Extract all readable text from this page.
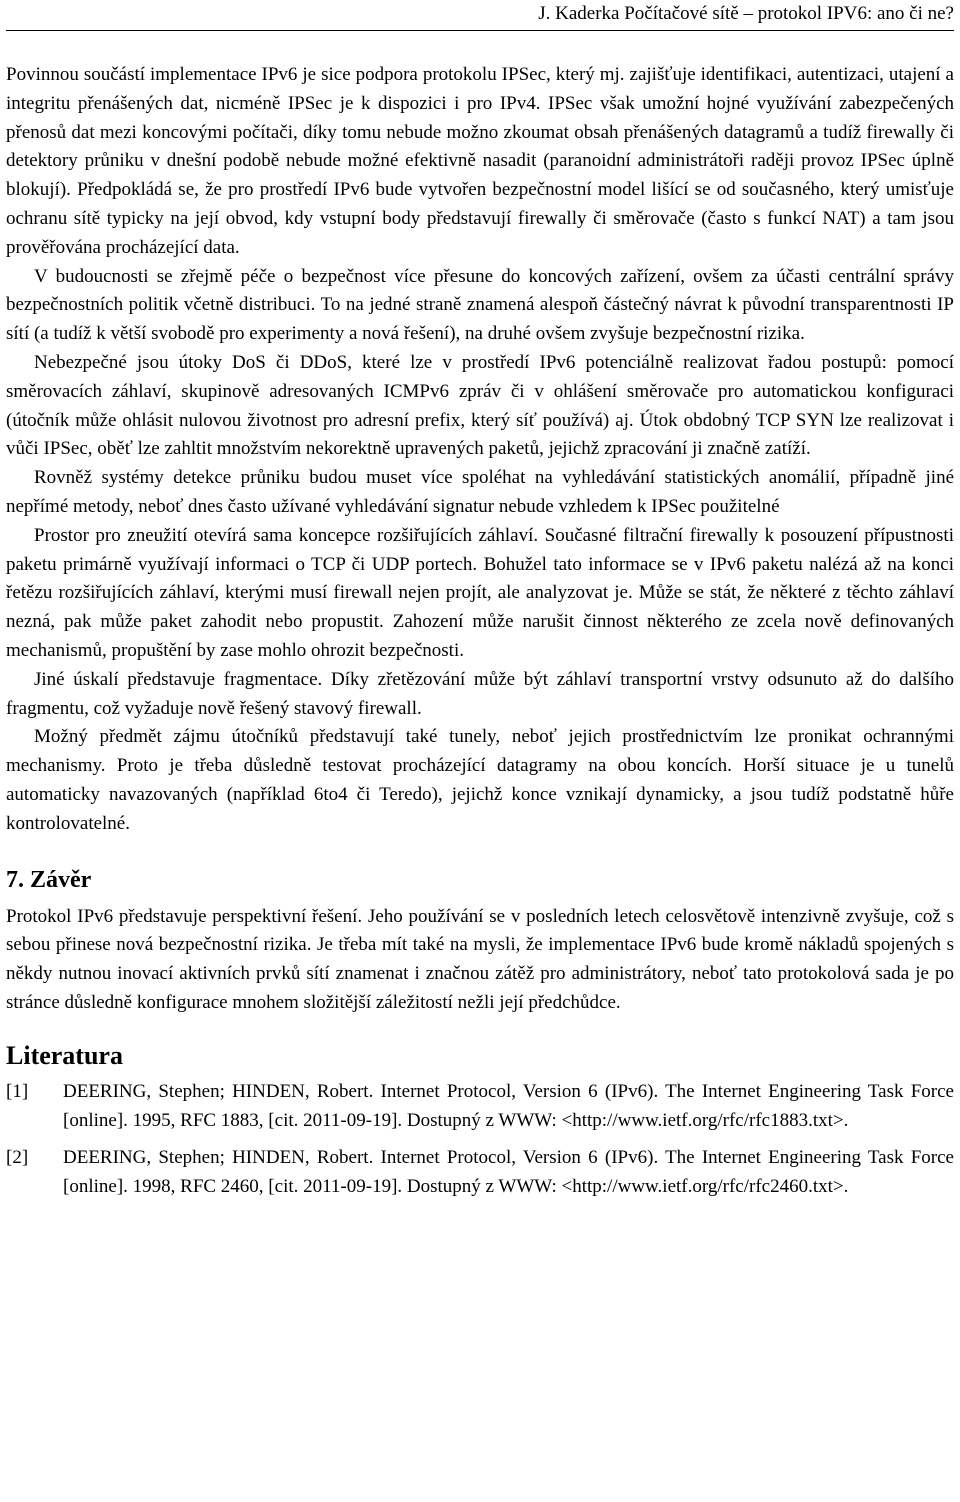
J. Kaderka Počítačové sítě – protokol IPV6: ano či ne?

Povinnou součástí implementace IPv6 je sice podpora protokolu IPSec, který mj. zajišťuje identifikaci, autentizaci, utajení a integritu přenášených dat, nicméně IPSec je k dispozici i pro IPv4. IPSec však umožní hojné využívání zabezpečených přenosů dat mezi koncovými počítači, díky tomu nebude možno zkoumat obsah přenášených datagramů a tudíž firewally či detektory průniku v dnešní podobě nebude možné efektivně nasadit (paranoidní administrátoři raději provoz IPSec úplně blokují). Předpokládá se, že pro prostředí IPv6 bude vytvořen bezpečnostní model lišící se od současného, který umisťuje ochranu sítě typicky na její obvod, kdy vstupní body představují firewally či směrovače (často s funkcí NAT) a tam jsou prověřována procházející data.

V budoucnosti se zřejmě péče o bezpečnost více přesune do koncových zařízení, ovšem za účasti centrální správy bezpečnostních politik včetně distribuci. To na jedné straně znamená alespoň částečný návrat k původní transparentnosti IP sítí (a tudíž k větší svobodě pro experimenty a nová řešení), na druhé ovšem zvyšuje bezpečnostní rizika.

Nebezpečné jsou útoky DoS či DDoS, které lze v prostředí IPv6 potenciálně realizovat řadou postupů: pomocí směrovacích záhlaví, skupinově adresovaných ICMPv6 zpráv či v ohlášení směrovače pro automatickou konfiguraci (útočník může ohlásit nulovou životnost pro adresní prefix, který síť používá) aj. Útok obdobný TCP SYN lze realizovat i vůči IPSec, oběť lze zahltit množstvím nekorektně upravených paketů, jejichž zpracování ji značně zatíží.

Rovněž systémy detekce průniku budou muset více spoléhat na vyhledávání statistických anomálií, případně jiné nepřímé metody, neboť dnes často užívané vyhledávání signatur nebude vzhledem k IPSec použitelné

Prostor pro zneužití otevírá sama koncepce rozšiřujících záhlaví. Současné filtrační firewally k posouzení přípustnosti paketu primárně využívají informaci o TCP či UDP portech. Bohužel tato informace se v IPv6 paketu nalézá až na konci řetězu rozšiřujících záhlaví, kterými musí firewall nejen projít, ale analyzovat je. Může se stát, že některé z těchto záhlaví nezná, pak může paket zahodit nebo propustit. Zahození může narušit činnost některého ze zcela nově definovaných mechanismů, propuštění by zase mohlo ohrozit bezpečnosti.

Jiné úskalí představuje fragmentace. Díky zřetězování může být záhlaví transportní vrstvy odsunuto až do dalšího fragmentu, což vyžaduje nově řešený stavový firewall.

Možný předmět zájmu útočníků představují také tunely, neboť jejich prostřednictvím lze pronikat ochrannými mechanismy. Proto je třeba důsledně testovat procházející datagramy na obou koncích. Horší situace je u tunelů automaticky navazovaných (například 6to4 či Teredo), jejichž konce vznikají dynamicky, a jsou tudíž podstatně hůře kontrolovatelné.

7. Závěr

Protokol IPv6 představuje perspektivní řešení. Jeho používání se v posledních letech celosvětově intenzivně zvyšuje, což s sebou přinese nová bezpečnostní rizika. Je třeba mít také na mysli, že implementace IPv6 bude kromě nákladů spojených s někdy nutnou inovací aktivních prvků sítí znamenat i značnou zátěž pro administrátory, neboť tato protokolová sada je po stránce důsledně konfigurace mnohem složitější záležitostí nežli její předchůdce.

Literatura
[1]	DEERING, Stephen; HINDEN, Robert. Internet Protocol, Version 6 (IPv6). The Internet Engineering Task Force [online]. 1995, RFC 1883, [cit. 2011-09-19]. Dostupný z WWW: <http://www.ietf.org/rfc/rfc1883.txt>.
[2]	DEERING, Stephen; HINDEN, Robert. Internet Protocol, Version 6 (IPv6). The Internet Engineering Task Force [online]. 1998, RFC 2460, [cit. 2011-09-19]. Dostupný z WWW: <http://www.ietf.org/rfc/rfc2460.txt>.
